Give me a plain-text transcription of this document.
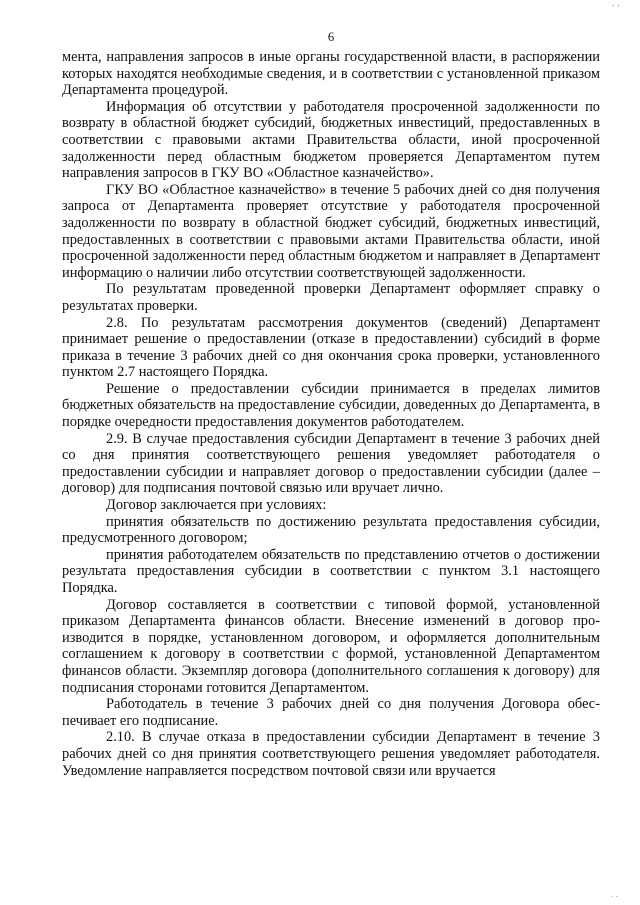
ʼ ʼ
6

мента, направления запросов в иные органы государственной власти, в распоряжении которых находятся необходимые сведения, и в соответствии с установленной приказом Департамента процедурой.

Информация об отсутствии у работодателя просроченной задолженности по возврату в областной бюджет субсидий, бюджетных инвестиций, предоставленных в соответствии с правовыми актами Правительства области, иной просроченной задолженности перед областным бюджетом проверяется Департаментом путем направления запросов в ГКУ ВО «Областное казначейство».

ГКУ ВО «Областное казначейство» в течение 5 рабочих дней со дня получения запроса от Департамента проверяет отсутствие у работодателя просроченной задолженности по возврату в областной бюджет субсидий, бюджетных инвестиций, предоставленных в соответствии с правовыми актами Правительства области, иной просроченной задолженности перед областным бюджетом и направляет в Департамент информацию о наличии либо отсутствии соответствующей задолженности.

По результатам проведенной проверки Департамент оформляет справку о результатах проверки.

2.8. По результатам рассмотрения документов (сведений) Департамент принимает решение о предоставлении (отказе в предоставлении) субсидий в форме приказа в течение 3 рабочих дней со дня окончания срока проверки, установленного пунктом 2.7 настоящего Порядка.

Решение о предоставлении субсидии принимается в пределах лимитов бюджетных обязательств на предоставление субсидии, доведенных до Департамента, в порядке очередности предоставления документов работодателем.

2.9. В случае предоставления субсидии Департамент в течение 3 рабочих дней со дня принятия соответствующего решения уведомляет работодателя о предоставлении субсидии и направляет договор о предоставлении субсидии (далее – договор) для подписания почтовой связью или вручает лично.

Договор заключается при условиях:

принятия обязательств по достижению результата предоставления субсидии, предусмотренного договором;

принятия работодателем обязательств по представлению отчетов о достижении результата предоставления субсидии в соответствии с пунктом 3.1 настоящего Порядка.

Договор составляется в соответствии с типовой формой, установленной приказом Департамента финансов области. Внесение изменений в договор производится в порядке, установленном договором, и оформляется дополнительным соглашением к договору в соответствии с формой, установленной Департаментом финансов области. Экземпляр договора (дополнительного соглашения к договору) для подписания сторонами готовится Департаментом.

Работодатель в течение 3 рабочих дней со дня получения Договора обеспечивает его подписание.

2.10. В случае отказа в предоставлении субсидии Департамент в течение 3 рабочих дней со дня принятия соответствующего решения уведомляет работодателя. Уведомление направляется посредством почтовой связи или вручается

. .
